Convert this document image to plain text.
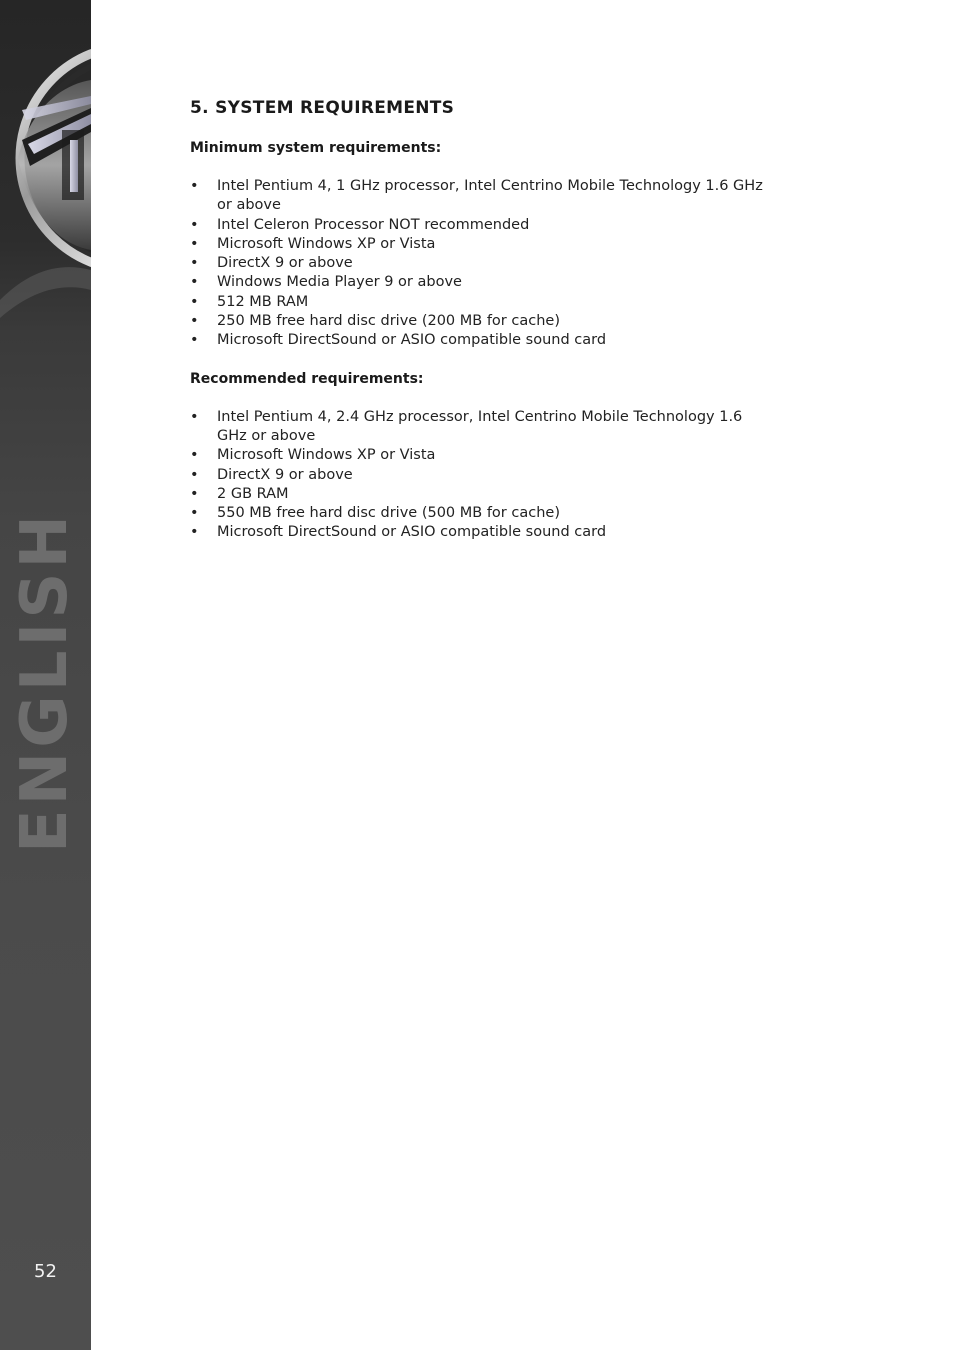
ENGLISH
52
5. SYSTEM REQUIREMENTS
Minimum system requirements:
• Intel Pentium 4, 1 GHz processor, Intel Centrino Mobile Technology 1.6 GHz or above
• Intel Celeron Processor NOT recommended
• Microsoft Windows XP or Vista
• DirectX 9 or above
• Windows Media Player 9 or above
• 512 MB RAM
• 250 MB free hard disc drive (200 MB for cache)
• Microsoft DirectSound or ASIO compatible sound card
Recommended requirements:
• Intel Pentium 4, 2.4 GHz processor, Intel Centrino Mobile Technology 1.6 GHz or above
• Microsoft Windows XP or Vista
• DirectX 9 or above
• 2 GB RAM
• 550 MB free hard disc drive (500 MB for cache)
• Microsoft DirectSound or ASIO compatible sound card
